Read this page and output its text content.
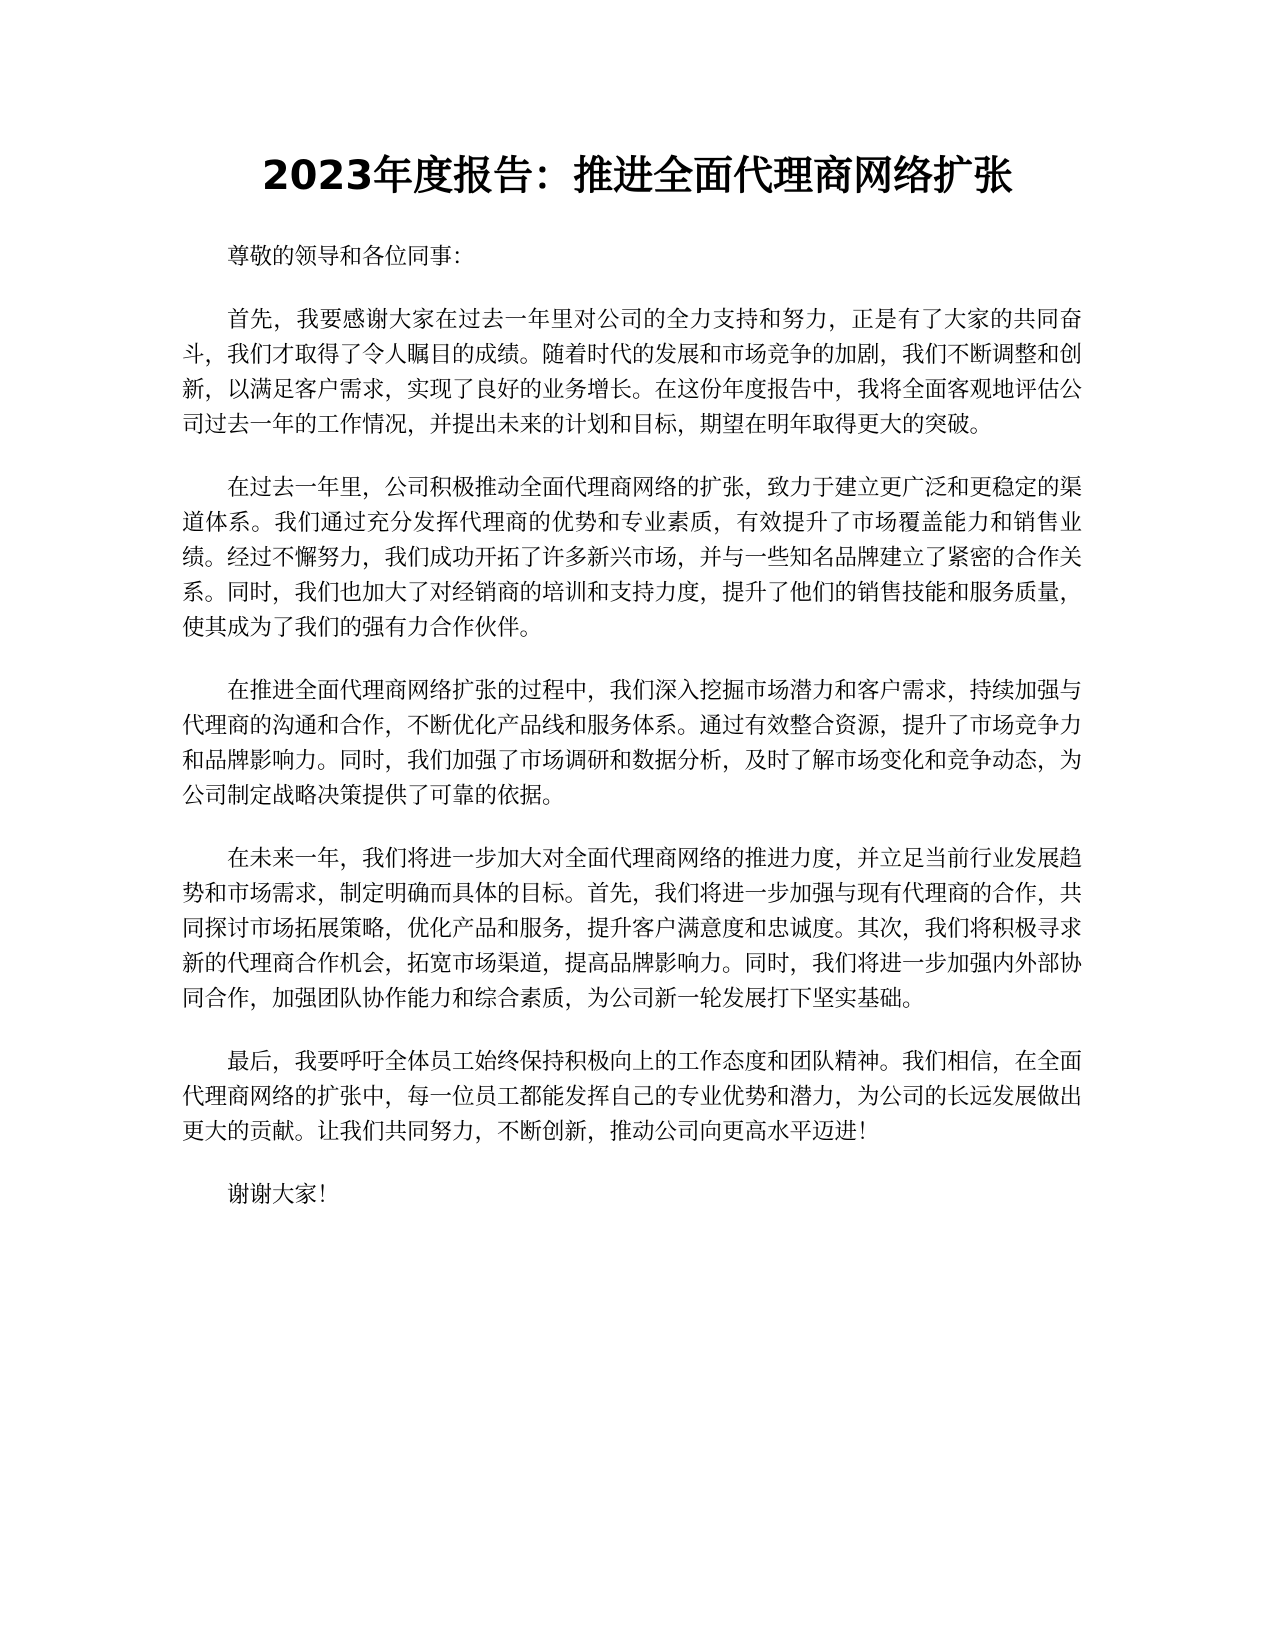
2023年度报告：推进全面代理商网络扩张

尊敬的领导和各位同事：

首先，我要感谢大家在过去一年里对公司的全力支持和努力，正是有了大家的共同奋斗，我们才取得了令人瞩目的成绩。随着时代的发展和市场竞争的加剧，我们不断调整和创新，以满足客户需求，实现了良好的业务增长。在这份年度报告中，我将全面客观地评估公司过去一年的工作情况，并提出未来的计划和目标，期望在明年取得更大的突破。

在过去一年里，公司积极推动全面代理商网络的扩张，致力于建立更广泛和更稳定的渠道体系。我们通过充分发挥代理商的优势和专业素质，有效提升了市场覆盖能力和销售业绩。经过不懈努力，我们成功开拓了许多新兴市场，并与一些知名品牌建立了紧密的合作关系。同时，我们也加大了对经销商的培训和支持力度，提升了他们的销售技能和服务质量，使其成为了我们的强有力合作伙伴。

在推进全面代理商网络扩张的过程中，我们深入挖掘市场潜力和客户需求，持续加强与代理商的沟通和合作，不断优化产品线和服务体系。通过有效整合资源，提升了市场竞争力和品牌影响力。同时，我们加强了市场调研和数据分析，及时了解市场变化和竞争动态，为公司制定战略决策提供了可靠的依据。

在未来一年，我们将进一步加大对全面代理商网络的推进力度，并立足当前行业发展趋势和市场需求，制定明确而具体的目标。首先，我们将进一步加强与现有代理商的合作，共同探讨市场拓展策略，优化产品和服务，提升客户满意度和忠诚度。其次，我们将积极寻求新的代理商合作机会，拓宽市场渠道，提高品牌影响力。同时，我们将进一步加强内外部协同合作，加强团队协作能力和综合素质，为公司新一轮发展打下坚实基础。

最后，我要呼吁全体员工始终保持积极向上的工作态度和团队精神。我们相信，在全面代理商网络的扩张中，每一位员工都能发挥自己的专业优势和潜力，为公司的长远发展做出更大的贡献。让我们共同努力，不断创新，推动公司向更高水平迈进！

谢谢大家！
